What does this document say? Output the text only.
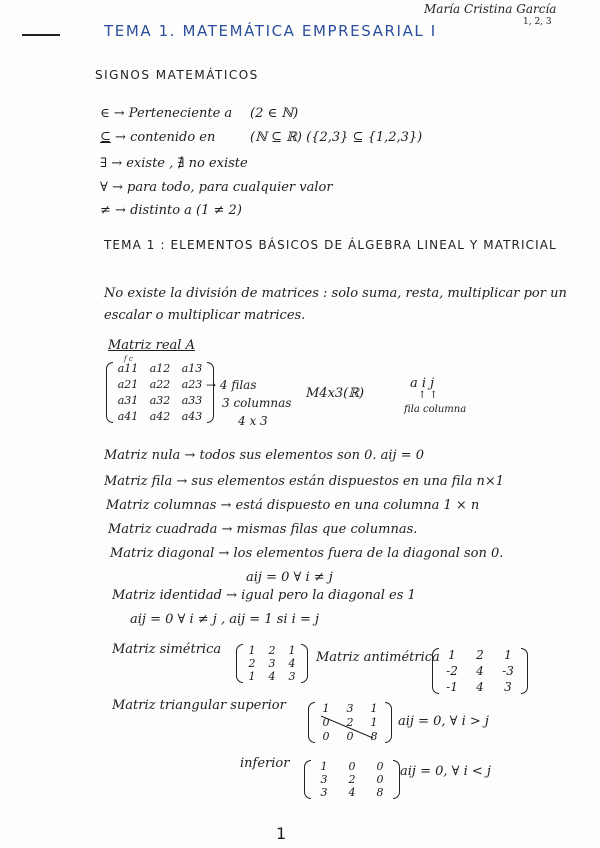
TEMA 1. MATEMÁTICA EMPRESARIAL I
María Cristina García
1, 2, 3
SIGNOS MATEMÁTICOS
∈ → Perteneciente a (2 ∈ ℕ)
⊆ → contenido en	(ℕ ⊆ ℝ) ({2,3} ⊆ {1,2,3})
∃ → existe , ∄ no existe
∀ → para todo, para cualquier valor
≠ → distinto a (1 ≠ 2)
TEMA 1 : ELEMENTOS BÁSICOS DE ÁLGEBRA LINEAL Y MATRICIAL
No existe la división de matrices : solo suma, resta, multiplicar por un
escalar o multiplicar matrices.
Matriz real A
f c
a11 a12 a13
a21 a22 a23
a31 a32 a33
a41 a42 a43
→ 4 filas
3 columnas
4 x 3
M4x3(ℝ)
a i j
↑ ↑
fila columna
Matriz nula → todos sus elementos son 0. aij = 0
Matriz fila → sus elementos están dispuestos en una fila n×1
Matriz columnas → está dispuesto en una columna 1 × n
Matriz cuadrada → mismas filas que columnas.
Matriz diagonal → los elementos fuera de la diagonal son 0.
aij = 0 ∀ i ≠ j
Matriz identidad → igual pero la diagonal es 1
aij = 0 ∀ i ≠ j , aij = 1 si i = j
Matriz simétrica 1 2 1
2 3 4
1 4 3
Matriz antimétrica 1	2	1
-2	4	-3
-1	4	3
Matriz triangular superior	1	3	1
0	2	1
0	0	8
aij = 0, ∀ i > j
inferior	1	0	0
3	2	0
3	4	8
aij = 0, ∀ i < j
1
